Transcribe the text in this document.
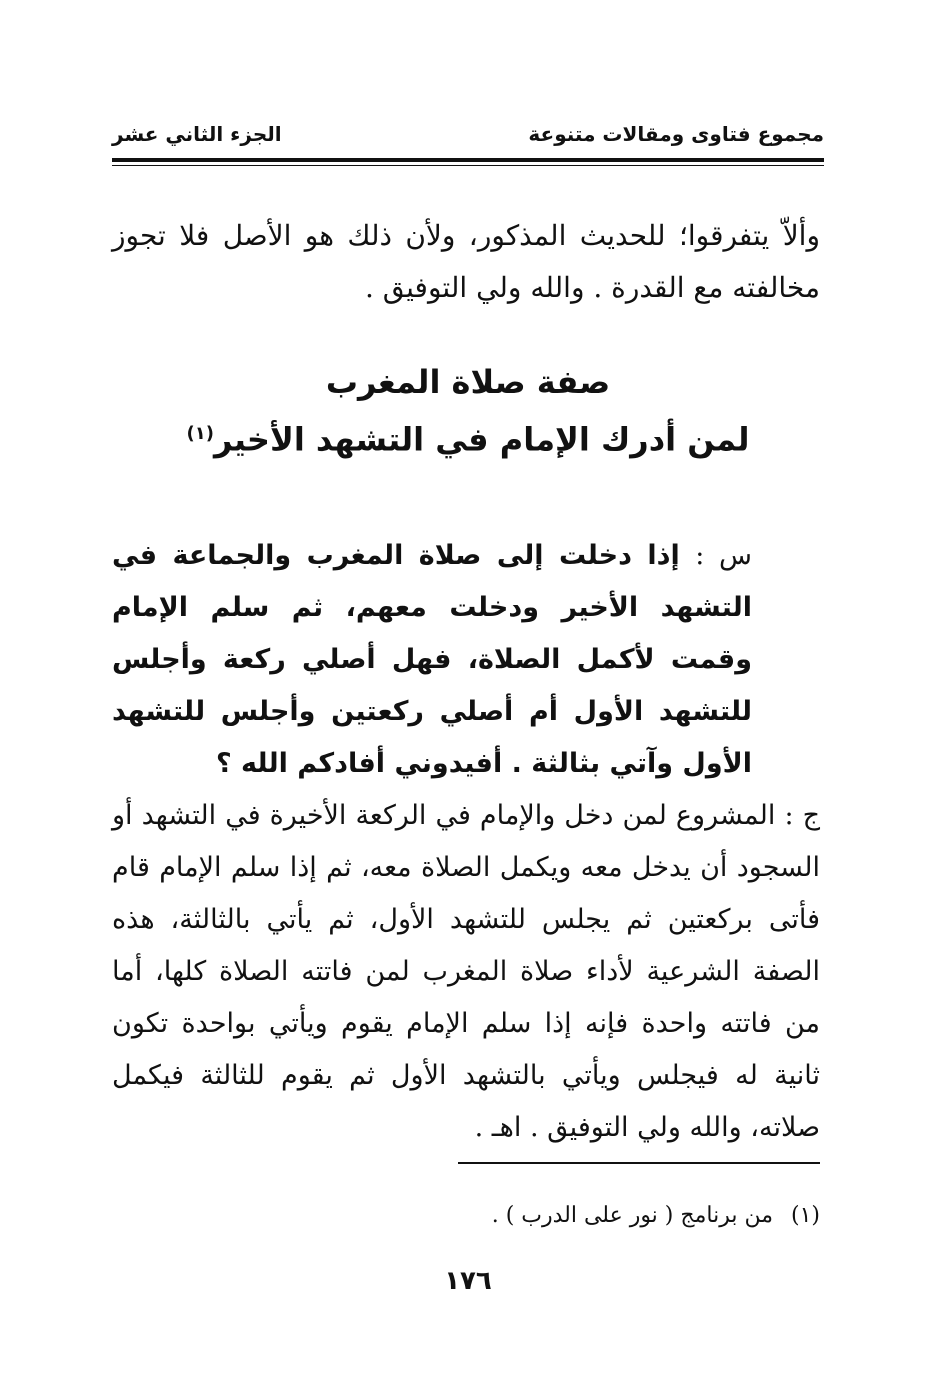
مجموع فتاوى ومقالات متنوعة
الجزء الثاني عشر
وألاّ يتفرقوا؛ للحديث المذكور، ولأن ذلك هو الأصل فلا تجوز مخالفته مع القدرة . والله ولي التوفيق .
صفة صلاة المغرب
لمن أدرك الإمام في التشهد الأخير$^{(١)}$
س : إذا دخلت إلى صلاة المغرب والجماعة في التشهد الأخير ودخلت معهم، ثم سلم الإمام وقمت لأكمل الصلاة، فهل أصلي ركعة وأجلس للتشهد الأول أم أصلي ركعتين وأجلس للتشهد الأول وآتي بثالثة . أفيدوني أفادكم الله ؟
ج : المشروع لمن دخل والإمام في الركعة الأخيرة في التشهد أو السجود أن يدخل معه ويكمل الصلاة معه، ثم إذا سلم الإمام قام فأتى بركعتين ثم يجلس للتشهد الأول، ثم يأتي بالثالثة، هذه الصفة الشرعية لأداء صلاة المغرب لمن فاتته الصلاة كلها، أما من فاتته واحدة فإنه إذا سلم الإمام يقوم ويأتي بواحدة تكون ثانية له فيجلس ويأتي بالتشهد الأول ثم يقوم للثالثة فيكمل صلاته، والله ولي التوفيق . اهـ .
(١)من برنامج ( نور على الدرب ) .
١٧٦
